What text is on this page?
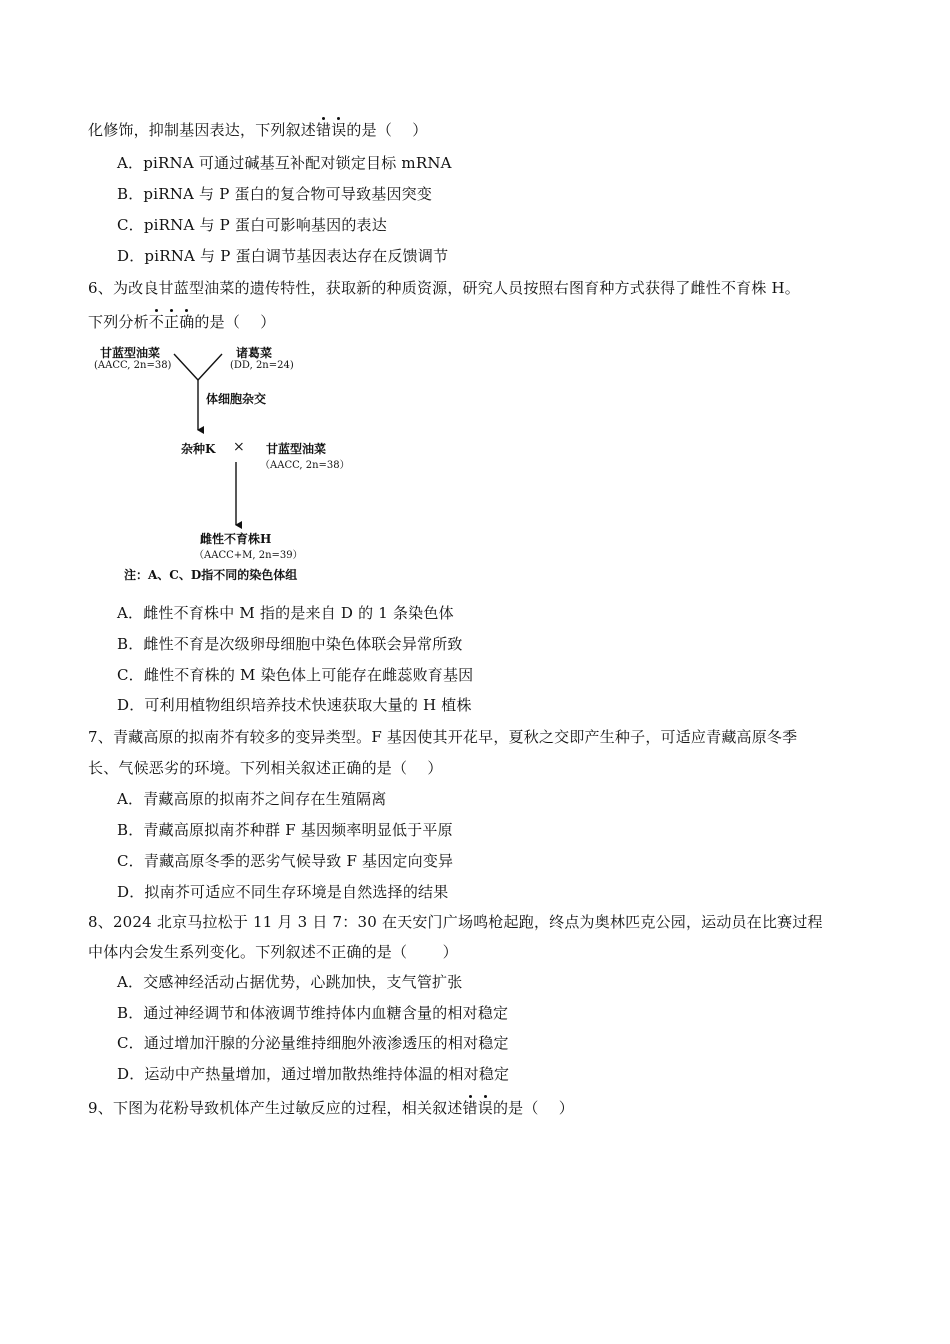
化修饰，抑制基因表达，下列叙述错误的是（　 ）
A．piRNA 可通过碱基互补配对锁定目标 mRNA
B．piRNA 与 P 蛋白的复合物可导致基因突变
C．piRNA 与 P 蛋白可影响基因的表达
D．piRNA 与 P 蛋白调节基因表达存在反馈调节
6、为改良甘蓝型油菜的遗传特性，获取新的种质资源，研究人员按照右图育种方式获得了雌性不育株 H。
下列分析不正确的是（　 ）
甘蓝型油菜
(AACC, 2n=38)
诸葛菜
(DD, 2n=24)
体细胞杂交
杂种K × 甘蓝型油菜
（AACC, 2n=38）
雌性不育株H
（AACC+M, 2n=39）
注：A、C、D指不同的染色体组
A．雌性不育株中 M 指的是来自 D 的 1 条染色体
B．雌性不育是次级卵母细胞中染色体联会异常所致
C．雌性不育株的 M 染色体上可能存在雌蕊败育基因
D．可利用植物组织培养技术快速获取大量的 H 植株
7、青藏高原的拟南芥有较多的变异类型。F 基因使其开花早，夏秋之交即产生种子，可适应青藏高原冬季
长、气候恶劣的环境。下列相关叙述正确的是（　 ）
A．青藏高原的拟南芥之间存在生殖隔离
B．青藏高原拟南芥种群 F 基因频率明显低于平原
C．青藏高原冬季的恶劣气候导致 F 基因定向变异
D．拟南芥可适应不同生存环境是自然选择的结果
8、2024 北京马拉松于 11 月 3 日 7：30 在天安门广场鸣枪起跑，终点为奥林匹克公园，运动员在比赛过程
中体内会发生系列变化。下列叙述不正确的是（　　 ）
A．交感神经活动占据优势，心跳加快，支气管扩张
B．通过神经调节和体液调节维持体内血糖含量的相对稳定
C．通过增加汗腺的分泌量维持细胞外液渗透压的相对稳定
D．运动中产热量增加，通过增加散热维持体温的相对稳定
9、下图为花粉导致机体产生过敏反应的过程，相关叙述错误的是（　 ）
